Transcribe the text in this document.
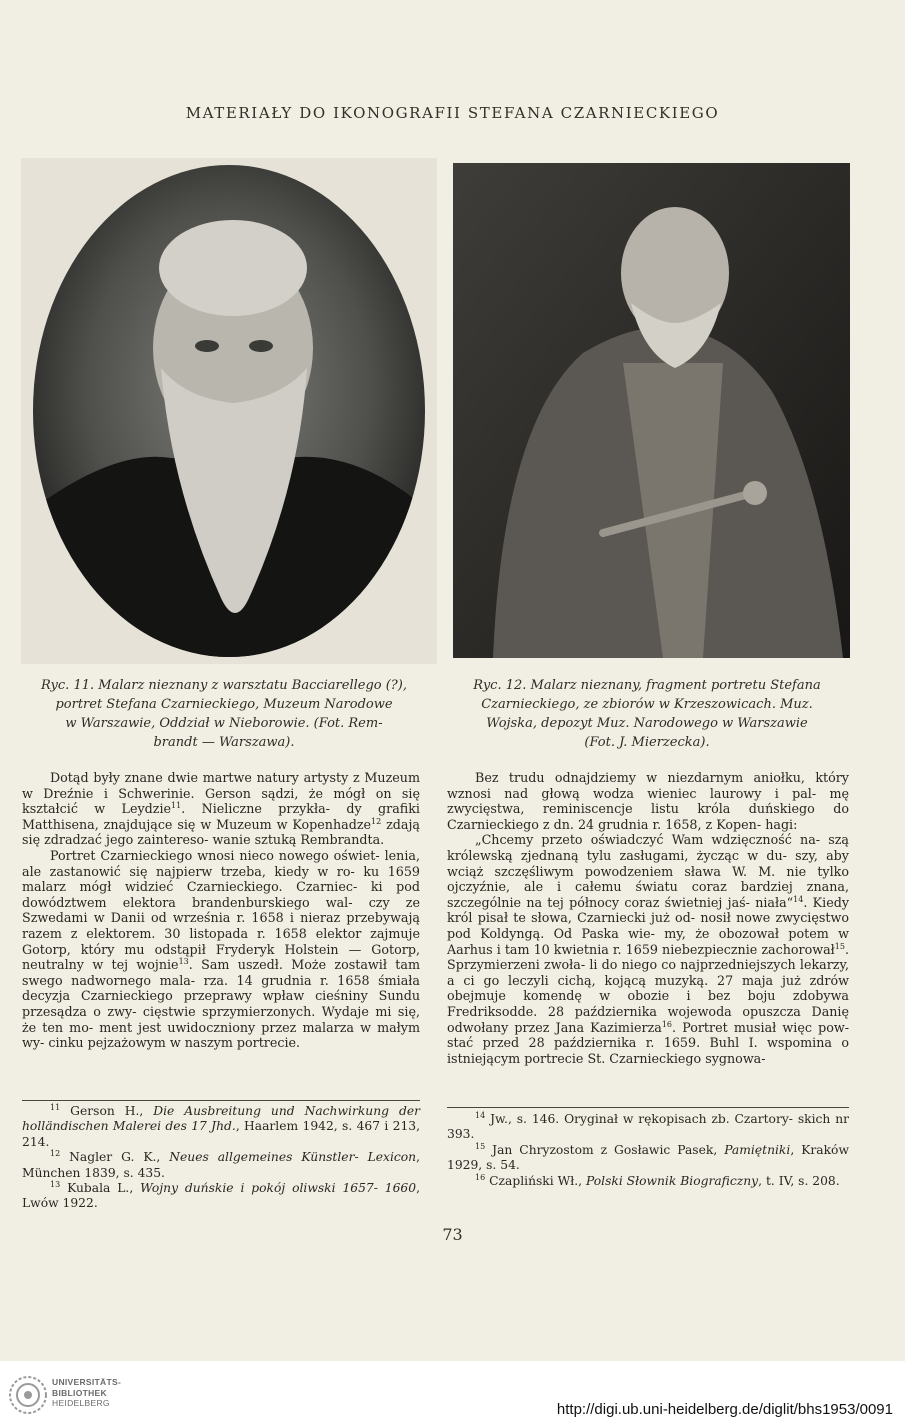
MATERIAŁY DO IKONOGRAFII STEFANA CZARNIECKIEGO
Ryc. 11. Malarz nieznany z warsztatu Bacciarellego (?),
portret Stefana Czarnieckiego, Muzeum Narodowe
w Warszawie, Oddział w Nieborowie. (Fot. Rem-
brandt — Warszawa).
Ryc. 12. Malarz nieznany, fragment portretu Stefana
Czarnieckiego, ze zbiorów w Krzeszowicach. Muz.
Wojska, depozyt Muz. Narodowego w Warszawie
(Fot. J. Mierzecka).

Dotąd były znane dwie martwe natury artysty z Muzeum w Dreźnie i Schwerinie. Gerson sądzi, że mógł on się kształcić w Leydzie$^{11}$. Nieliczne przykła- dy grafiki Matthisena, znajdujące się w Muzeum w Kopenhadze$^{12}$ zdają się zdradzać jego zaintereso- wanie sztuką Rembrandta.

Portret Czarnieckiego wnosi nieco nowego oświet- lenia, ale zastanowić się najpierw trzeba, kiedy w ro- ku 1659 malarz mógł widzieć Czarnieckiego. Czarniec- ki pod dowództwem elektora brandenburskiego wal- czy ze Szwedami w Danii od września r. 1658 i nieraz przebywają razem z elektorem. 30 listopada r. 1658 elektor zajmuje Gotorp, który mu odstąpił Fryderyk Holstein — Gotorp, neutralny w tej wojnie$^{13}$. Sam uszedł. Może zostawił tam swego nadwornego mala- rza. 14 grudnia r. 1658 śmiała decyzja Czarnieckiego przeprawy wpław cieśniny Sundu przesądza o zwy- cięstwie sprzymierzonych. Wydaje mi się, że ten mo- ment jest uwidoczniony przez malarza w małym wy- cinku pejzażowym w naszym portrecie.

Bez trudu odnajdziemy w niezdarnym aniołku, który wznosi nad głową wodza wieniec laurowy i pal- mę zwycięstwa, reminiscencje listu króla duńskiego do Czarnieckiego z dn. 24 grudnia r. 1658, z Kopen- hagi:

„Chcemy przeto oświadczyć Wam wdzięczność na- szą królewską zjednaną tylu zasługami, życząc w du- szy, aby wciąż szczęśliwym powodzeniem sława W. M. nie tylko ojczyźnie, ale i całemu światu coraz bardziej znana, szczególnie na tej północy coraz świetniej jaś- niała“$^{14}$. Kiedy król pisał te słowa, Czarniecki już od- nosił nowe zwycięstwo pod Koldyngą. Od Paska wie- my, że obozował potem w Aarhus i tam 10 kwietnia r. 1659 niebezpiecznie zachorował$^{15}$. Sprzymierzeni zwoła- li do niego co najprzedniejszych lekarzy, a ci go leczyli cichą, kojącą muzyką. 27 maja już zdrów obejmuje komendę w obozie i bez boju zdobywa Fredriksodde. 28 października wojewoda opuszcza Danię odwołany przez Jana Kazimierza$^{16}$. Portret musiał więc pow- stać przed 28 października r. 1659. Buhl I. wspomina o istniejącym portrecie St. Czarnieckiego sygnowa-

$^{11}$ Gerson H., Die Ausbreitung und Nachwirkung der holländischen Malerei des 17 Jhd., Haarlem 1942, s. 467 i 213, 214.

$^{12}$ Nagler G. K., Neues allgemeines Künstler- Lexicon, München 1839, s. 435.

$^{13}$ Kubala L., Wojny duńskie i pokój oliwski 1657- 1660, Lwów 1922.

$^{14}$ Jw., s. 146. Oryginał w rękopisach zb. Czartory- skich nr 393.

$^{15}$ Jan Chryzostom z Gosławic Pasek, Pamiętniki, Kraków 1929, s. 54.

$^{16}$ Czapliński Wł., Polski Słownik Biograficzny, t. IV, s. 208.

73
UNIVERSITÄTS-
BIBLIOTHEK
HEIDELBERG	http://digi.ub.uni-heidelberg.de/diglit/bhs1953/0091
